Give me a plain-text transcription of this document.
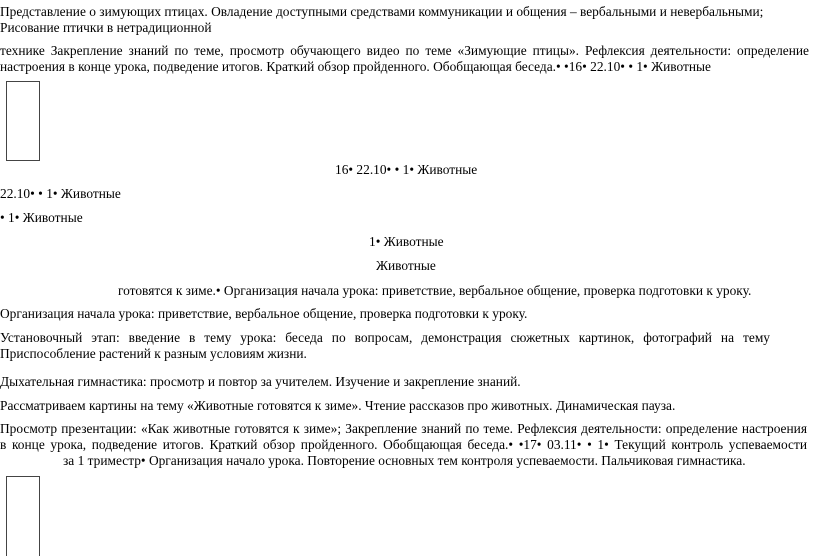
Представление о зимующих птицах. Овладение доступными средствами коммуникации и общения – вербальными и невербальными;
Рисование птички в нетрадиционной
технике Закрепление знаний по теме, просмотр обучающего видео по теме «Зимующие птицы». Рефлексия деятельности: определение
настроения в конце урока, подведение итогов. Краткий обзор пройденного. Обобщающая беседа.• •16• 22.10• • 1• Животные
16• 22.10• • 1• Животные
22.10• • 1• Животные
• 1• Животные
1• Животные
Животные
готовятся к зиме.• Организация начала урока: приветствие, вербальное общение, проверка подготовки к уроку.
Организация начала урока: приветствие, вербальное общение, проверка подготовки к уроку.
Установочный этап: введение в тему урока: беседа по вопросам, демонстрация сюжетных картинок, фотографий на тему
Приспособление растений к разным условиям жизни.
Дыхательная гимнастика: просмотр и повтор за учителем. Изучение и закрепление знаний.
Рассматриваем картины на тему «Животные готовятся к зиме». Чтение рассказов про животных. Динамическая пауза.
Просмотр презентации: «Как животные готовятся к зиме»; Закрепление знаний по теме. Рефлексия деятельности: определение настроения
в конце урока, подведение итогов. Краткий обзор пройденного. Обобщающая беседа.• •17• 03.11• • 1• Текущий контроль успеваемости
за 1 триместр• Организация начало урока. Повторение основных тем контроля успеваемости. Пальчиковая гимнастика.
